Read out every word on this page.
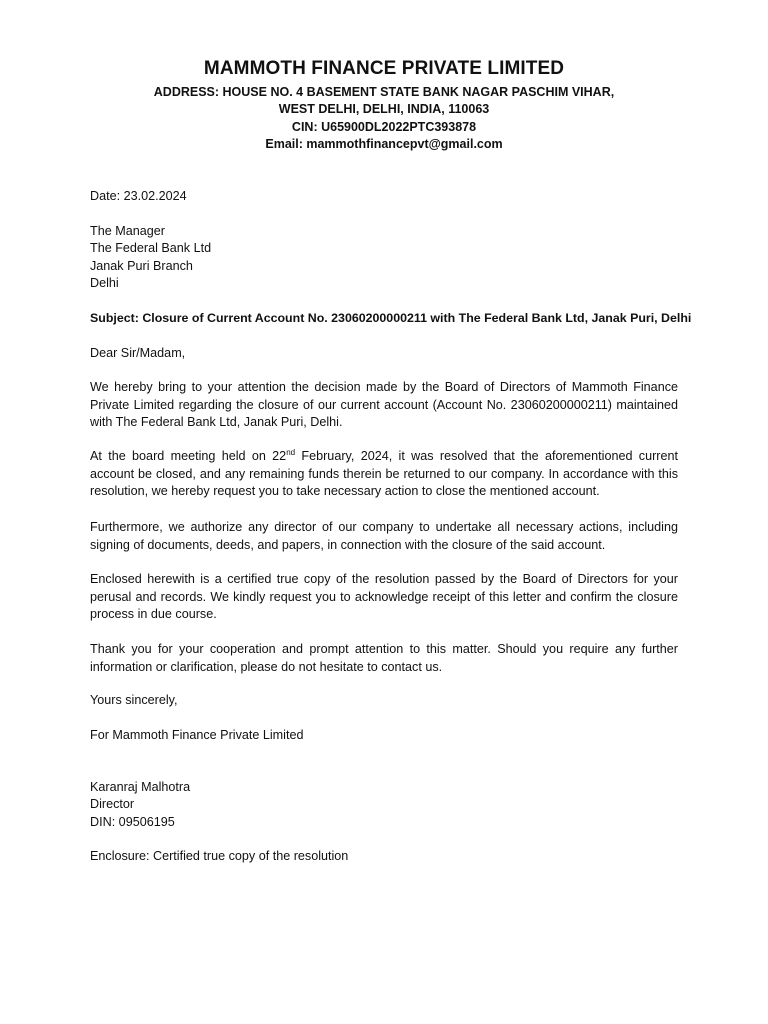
MAMMOTH FINANCE PRIVATE LIMITED
ADDRESS: HOUSE NO. 4 BASEMENT STATE BANK NAGAR PASCHIM VIHAR,
WEST DELHI, DELHI, INDIA, 110063
CIN: U65900DL2022PTC393878
Email: mammothfinancepvt@gmail.com
Date: 23.02.2024
The Manager
The Federal Bank Ltd
Janak Puri Branch
Delhi
Subject: Closure of Current Account No. 23060200000211 with The Federal Bank Ltd, Janak Puri, Delhi
Dear Sir/Madam,
We hereby bring to your attention the decision made by the Board of Directors of Mammoth Finance Private Limited regarding the closure of our current account (Account No. 23060200000211) maintained with The Federal Bank Ltd, Janak Puri, Delhi.
At the board meeting held on 22nd February, 2024, it was resolved that the aforementioned current account be closed, and any remaining funds therein be returned to our company. In accordance with this resolution, we hereby request you to take necessary action to close the mentioned account.
Furthermore, we authorize any director of our company to undertake all necessary actions, including signing of documents, deeds, and papers, in connection with the closure of the said account.
Enclosed herewith is a certified true copy of the resolution passed by the Board of Directors for your perusal and records. We kindly request you to acknowledge receipt of this letter and confirm the closure process in due course.
Thank you for your cooperation and prompt attention to this matter. Should you require any further information or clarification, please do not hesitate to contact us.
Yours sincerely,
For Mammoth Finance Private Limited
Karanraj Malhotra
Director
DIN: 09506195
Enclosure: Certified true copy of the resolution
